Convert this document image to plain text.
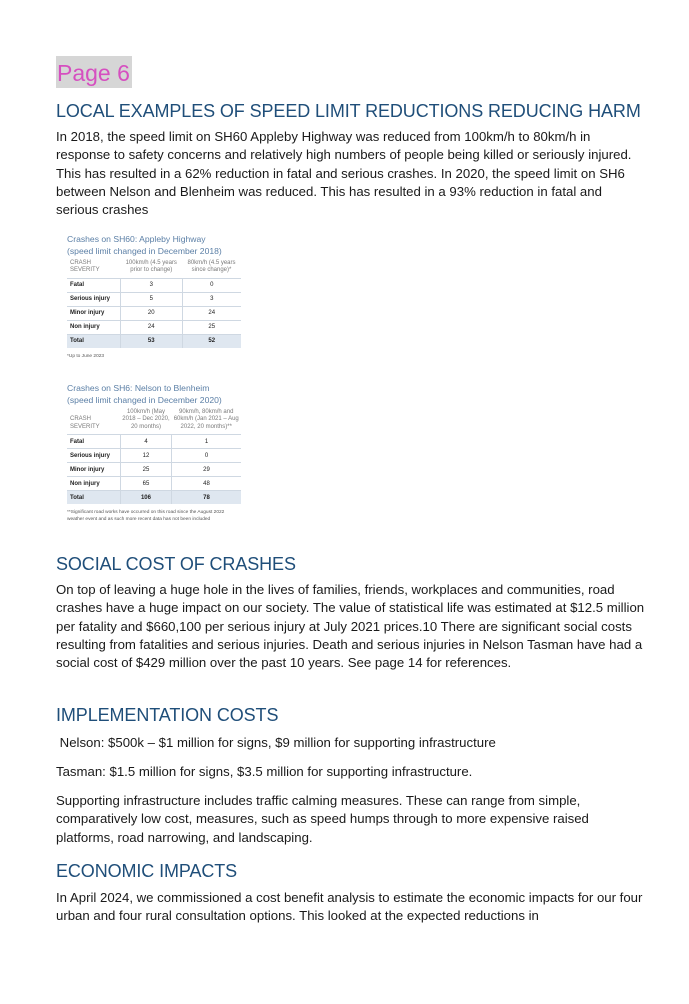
Page 6
LOCAL EXAMPLES OF SPEED LIMIT REDUCTIONS REDUCING HARM
In 2018, the speed limit on SH60 Appleby Highway was reduced from 100km/h to 80km/h in response to safety concerns and relatively high numbers of people being killed or seriously injured. This has resulted in a 62% reduction in fatal and serious crashes. In 2020, the speed limit on SH6 between Nelson and Blenheim was reduced. This has resulted in a 93% reduction in fatal and serious crashes
Crashes on SH60: Appleby Highway
(speed limit changed in December 2018)
CRASH SEVERITY	100km/h (4.5 years prior to change)	80km/h (4.5 years since change)*
Fatal	3	0
Serious injury	5	3
Minor injury	20	24
Non injury	24	25
Total	53	52
*Up to June 2023
Crashes on SH6: Nelson to Blenheim
(speed limit changed in December 2020)
CRASH SEVERITY	100km/h (May 2018 – Dec 2020, 20 months)	90km/h, 80km/h and 60km/h (Jan 2021 – Aug 2022, 20 months)**
Fatal	4	1
Serious injury	12	0
Minor injury	25	29
Non injury	65	48
Total	106	78
**Significant road works have occurred on this road since the August 2022 weather event and as such more recent data has not been included
SOCIAL COST OF CRASHES
On top of leaving a huge hole in the lives of families, friends, workplaces and communities, road crashes have a huge impact on our society. The value of statistical life was estimated at $12.5 million per fatality and $660,100 per serious injury at July 2021 prices.10 There are significant social costs resulting from fatalities and serious injuries. Death and serious injuries in Nelson Tasman have had a social cost of $429 million over the past 10 years. See page 14 for references.
IMPLEMENTATION COSTS
Nelson: $500k – $1 million for signs, $9 million for supporting infrastructure
Tasman: $1.5 million for signs, $3.5 million for supporting infrastructure.
Supporting infrastructure includes traffic calming measures. These can range from simple, comparatively low cost, measures, such as speed humps through to more expensive raised platforms, road narrowing, and landscaping.
ECONOMIC IMPACTS
In April 2024, we commissioned a cost benefit analysis to estimate the economic impacts for our four urban and four rural consultation options. This looked at the expected reductions in
